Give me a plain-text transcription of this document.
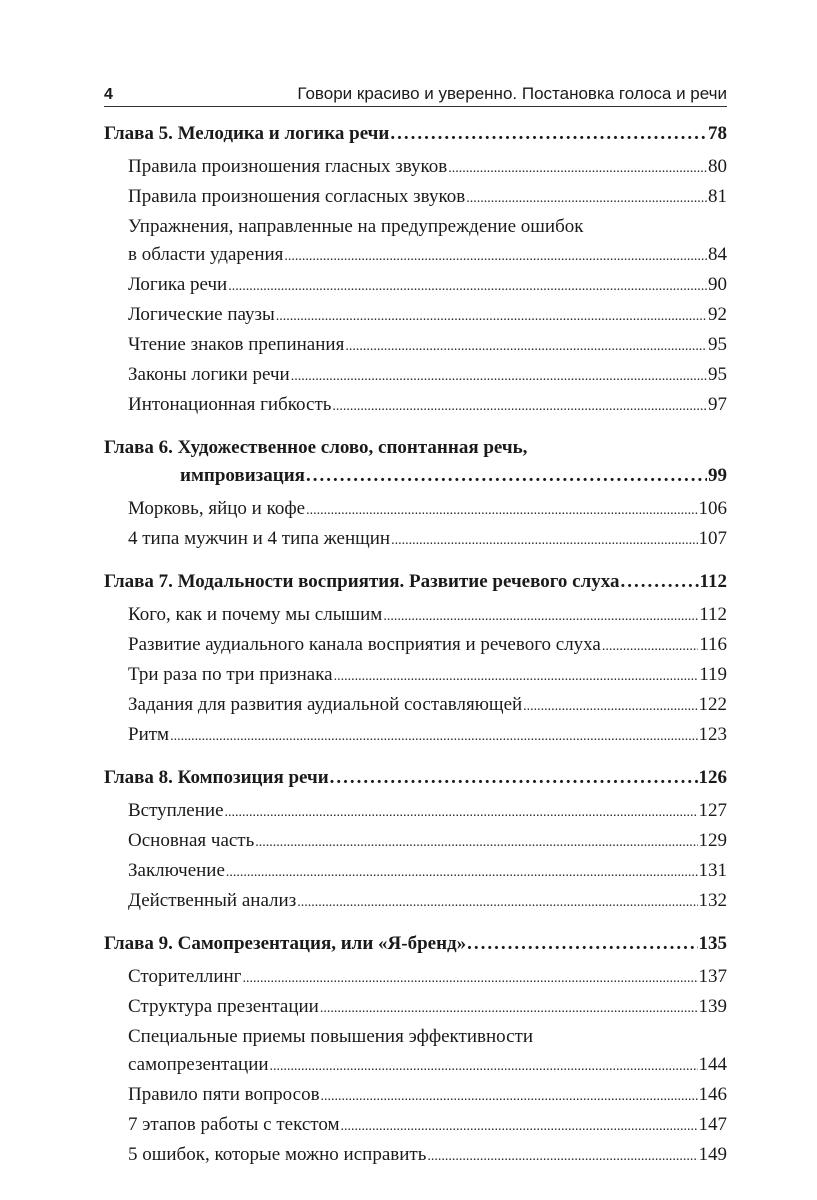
4	Говори красиво и уверенно. Постановка голоса и речи
Глава 5. Мелодика и логика речи .....	78
Правила произношения гласных звуков .....	80
Правила произношения согласных звуков .....	81
Упражнения, направленные на предупреждение ошибок
в области ударения .....	84
Логика речи .....	90
Логические паузы .....	92
Чтение знаков препинания .....	95
Законы логики речи .....	95
Интонационная гибкость .....	97
Глава 6. Художественное слово, спонтанная речь,
импровизация .....	99
Морковь, яйцо и кофе .....	106
4 типа мужчин и 4 типа женщин .....	107
Глава 7. Модальности восприятия. Развитие речевого слуха .....	112
Кого, как и почему мы слышим .....	112
Развитие аудиального канала восприятия и речевого слуха .....	116
Три раза по три признака .....	119
Задания для развития аудиальной составляющей .....	122
Ритм .....	123
Глава 8. Композиция речи .....	126
Вступление .....	127
Основная часть .....	129
Заключение .....	131
Действенный анализ .....	132
Глава 9. Самопрезентация, или «Я-бренд» .....	135
Сторителлинг .....	137
Структура презентации .....	139
Специальные приемы повышения эффективности
самопрезентации .....	144
Правило пяти вопросов .....	146
7 этапов работы с текстом .....	147
5 ошибок, которые можно исправить .....	149
